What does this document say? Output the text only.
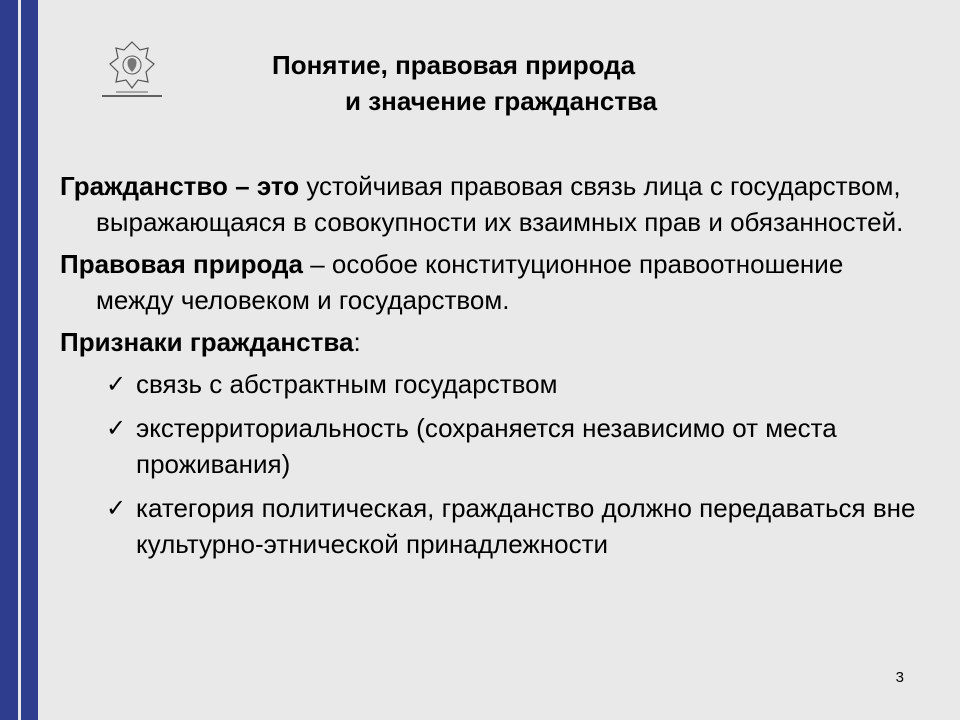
Понятие, правовая природа
и значение гражданства

Гражданство – это устойчивая правовая связь лица с государством, выражающаяся в совокупности их взаимных прав и обязанностей.

Правовая природа – особое конституционное правоотношение между человеком и государством.

Признаки гражданства:

✓ связь с абстрактным государством
✓ экстерриториальность (сохраняется независимо от места проживания)
✓ категория политическая, гражданство должно передаваться вне культурно-этнической принадлежности
3
